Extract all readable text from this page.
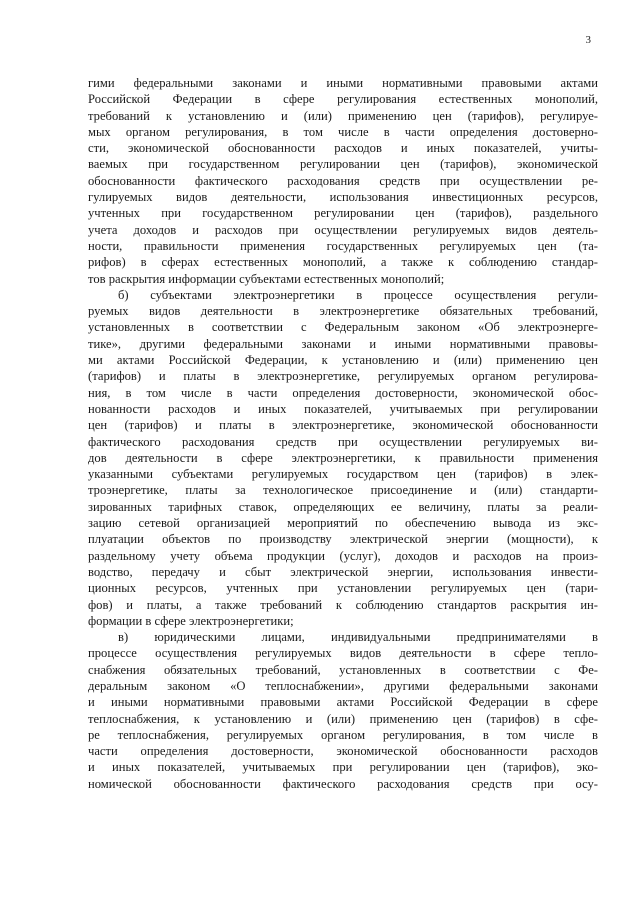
3
гими федеральными законами и иными нормативными правовыми актами
Российской Федерации в сфере регулирования естественных монополий,
требований к установлению и (или) применению цен (тарифов), регулируе-
мых органом регулирования, в том числе в части определения достоверно-
сти, экономической обоснованности расходов и иных показателей, учиты-
ваемых при государственном регулировании цен (тарифов), экономической
обоснованности фактического расходования средств при осуществлении ре-
гулируемых видов деятельности, использования инвестиционных ресурсов,
учтенных при государственном регулировании цен (тарифов), раздельного
учета доходов и расходов при осуществлении регулируемых видов деятель-
ности, правильности применения государственных регулируемых цен (та-
рифов) в сферах естественных монополий, а также к соблюдению стандар-
тов раскрытия информации субъектами естественных монополий;
б) субъектами электроэнергетики в процессе осуществления регули-
руемых видов деятельности в электроэнергетике обязательных требований,
установленных в соответствии с Федеральным законом «Об электроэнерге-
тике», другими федеральными законами и иными нормативными правовы-
ми актами Российской Федерации, к установлению и (или) применению цен
(тарифов) и платы в электроэнергетике, регулируемых органом регулирова-
ния, в том числе в части определения достоверности, экономической обос-
нованности расходов и иных показателей, учитываемых при регулировании
цен (тарифов) и платы в электроэнергетике, экономической обоснованности
фактического расходования средств при осуществлении регулируемых ви-
дов деятельности в сфере электроэнергетики, к правильности применения
указанными субъектами регулируемых государством цен (тарифов) в элек-
троэнергетике, платы за технологическое присоединение и (или) стандарти-
зированных тарифных ставок, определяющих ее величину, платы за реали-
зацию сетевой организацией мероприятий по обеспечению вывода из экс-
плуатации объектов по производству электрической энергии (мощности), к
раздельному учету объема продукции (услуг), доходов и расходов на произ-
водство, передачу и сбыт электрической энергии, использования инвести-
ционных ресурсов, учтенных при установлении регулируемых цен (тари-
фов) и платы, а также требований к соблюдению стандартов раскрытия ин-
формации в сфере электроэнергетики;
в) юридическими лицами, индивидуальными предпринимателями в
процессе осуществления регулируемых видов деятельности в сфере тепло-
снабжения обязательных требований, установленных в соответствии с Фе-
деральным законом «О теплоснабжении», другими федеральными законами
и иными нормативными правовыми актами Российской Федерации в сфере
теплоснабжения, к установлению и (или) применению цен (тарифов) в сфе-
ре теплоснабжения, регулируемых органом регулирования, в том числе в
части определения достоверности, экономической обоснованности расходов
и иных показателей, учитываемых при регулировании цен (тарифов), эко-
номической обоснованности фактического расходования средств при осу-
